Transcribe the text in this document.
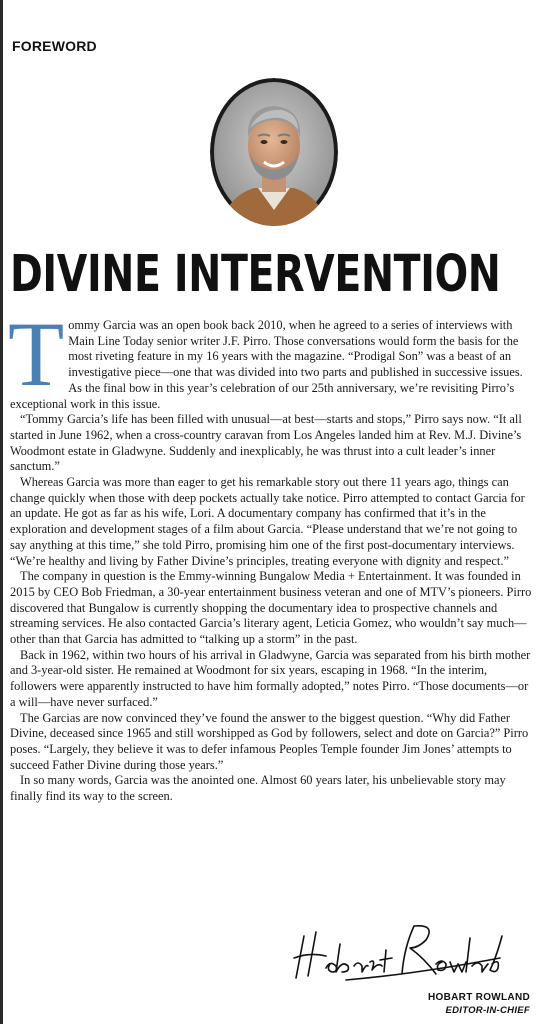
FOREWORD
DIVINE INTERVENTION

Tommy Garcia was an open book back 2010, when he agreed to a series of interviews with Main Line Today senior writer J.F. Pirro. Those conversations would form the basis for the most riveting feature in my 16 years with the magazine. “Prodigal Son” was a beast of an investigative piece—one that was divided into two parts and published in successive issues. As the final bow in this year’s celebration of our 25th anniversary, we’re revisiting Pirro’s exceptional work in this issue.

“Tommy Garcia’s life has been filled with unusual—at best—starts and stops,” Pirro says now. “It all started in June 1962, when a cross-country caravan from Los Angeles landed him at Rev. M.J. Divine’s Woodmont estate in Gladwyne. Suddenly and inexplicably, he was thrust into a cult leader’s inner sanctum.”

Whereas Garcia was more than eager to get his remarkable story out there 11 years ago, things can change quickly when those with deep pockets actually take notice. Pirro attempted to contact Garcia for an update. He got as far as his wife, Lori. A documentary company has confirmed that it’s in the exploration and development stages of a film about Garcia. “Please understand that we’re not going to say anything at this time,” she told Pirro, promising him one of the first post-documentary interviews. “We’re healthy and living by Father Divine’s principles, treating everyone with dignity and respect.”

The company in question is the Emmy-winning Bungalow Media + Entertainment. It was founded in 2015 by CEO Bob Friedman, a 30-year entertainment business veteran and one of MTV’s pioneers. Pirro discovered that Bungalow is currently shopping the documentary idea to prospective channels and streaming services. He also contacted Garcia’s literary agent, Leticia Gomez, who wouldn’t say much—other than that Garcia has admitted to “talking up a storm” in the past.

Back in 1962, within two hours of his arrival in Gladwyne, Garcia was separated from his birth mother and 3-year-old sister. He remained at Woodmont for six years, escaping in 1968. “In the interim, followers were apparently instructed to have him formally adopted,” notes Pirro. “Those documents—or a will—have never surfaced.”

The Garcias are now convinced they’ve found the answer to the biggest question. “Why did Father Divine, deceased since 1965 and still worshipped as God by followers, select and dote on Garcia?” Pirro poses. “Largely, they believe it was to defer infamous Peoples Temple founder Jim Jones’ attempts to succeed Father Divine during those years.”

In so many words, Garcia was the anointed one. Almost 60 years later, his unbelievable story may finally find its way to the screen.

HOBART ROWLAND
EDITOR-IN-CHIEF
